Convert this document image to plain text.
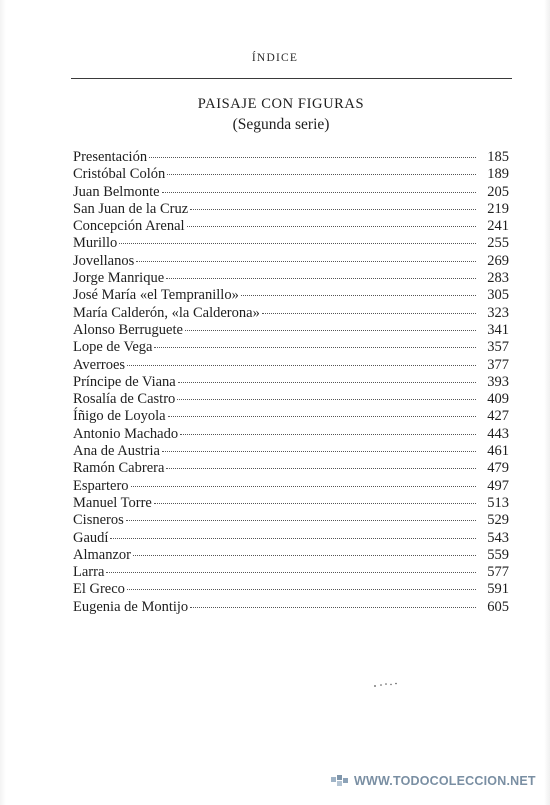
ÍNDICE
PAISAJE CON FIGURAS
(Segunda serie)
Presentación	185
Cristóbal Colón	189
Juan Belmonte	205
San Juan de la Cruz	219
Concepción Arenal	241
Murillo	255
Jovellanos	269
Jorge Manrique	283
José María «el Tempranillo»	305
María Calderón, «la Calderona»	323
Alonso Berruguete	341
Lope de Vega	357
Averroes	377
Príncipe de Viana	393
Rosalía de Castro	409
Íñigo de Loyola	427
Antonio Machado	443
Ana de Austria	461
Ramón Cabrera	479
Espartero	497
Manuel Torre	513
Cisneros	529
Gaudí	543
Almanzor	559
Larra	577
El Greco	591
Eugenia de Montijo	605
WWW.TODOCOLECCION.NET
